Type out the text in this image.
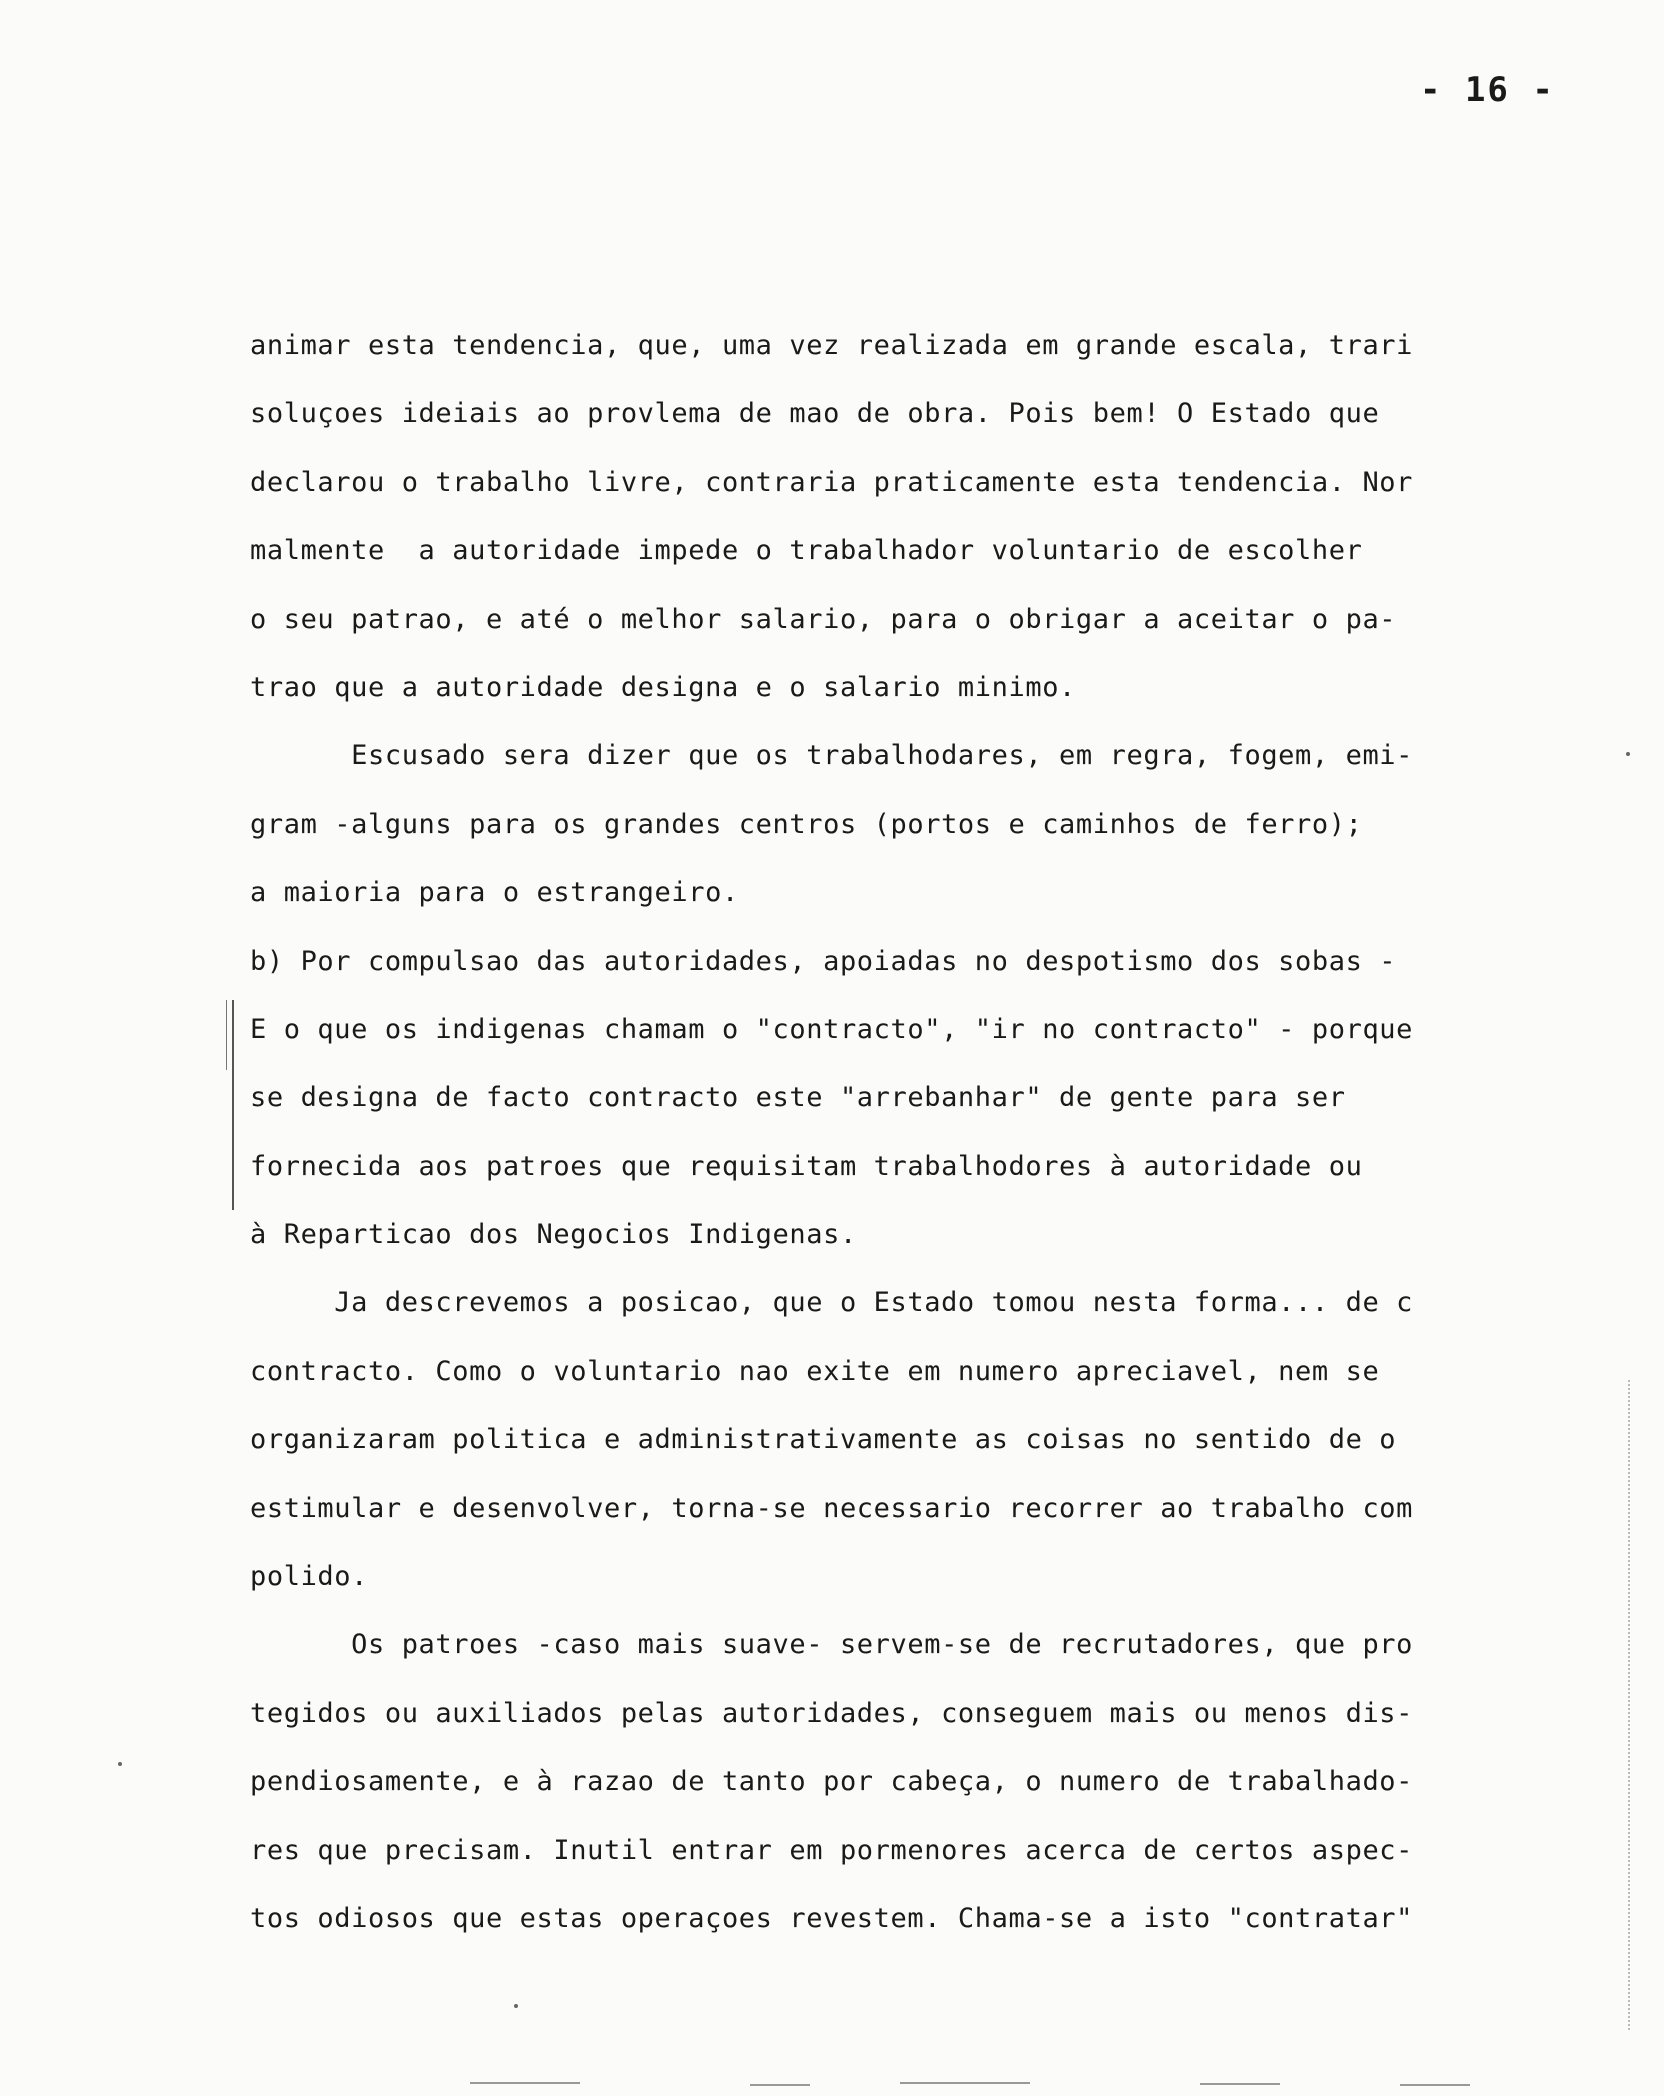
- 16 -
animar esta tendencia, que, uma vez realizada em grande escala, trari
soluçoes ideiais ao provlema de mao de obra. Pois bem! O Estado que
declarou o trabalho livre, contraria praticamente esta tendencia. Nor
malmente  a autoridade impede o trabalhador voluntario de escolher
o seu patrao, e até o melhor salario, para o obrigar a aceitar o pa-
trao que a autoridade designa e o salario minimo.
Escusado sera dizer que os trabalhodares, em regra, fogem, emi-
gram -alguns para os grandes centros (portos e caminhos de ferro);
a maioria para o estrangeiro.
b) Por compulsao das autoridades, apoiadas no despotismo dos sobas -
E o que os indigenas chamam o "contracto", "ir no contracto" - porque
se designa de facto contracto este "arrebanhar" de gente para ser
fornecida aos patroes que requisitam trabalhodores à autoridade ou
à Reparticao dos Negocios Indigenas.
Ja descrevemos a posicao, que o Estado tomou nesta forma... de c
contracto. Como o voluntario nao exite em numero apreciavel, nem se
organizaram politica e administrativamente as coisas no sentido de o
estimular e desenvolver, torna-se necessario recorrer ao trabalho com
polido.
Os patroes -caso mais suave- servem-se de recrutadores, que pro
tegidos ou auxiliados pelas autoridades, conseguem mais ou menos dis-
pendiosamente, e à razao de tanto por cabeça, o numero de trabalhado-
res que precisam. Inutil entrar em pormenores acerca de certos aspec-
tos odiosos que estas operaçoes revestem. Chama-se a isto "contratar"
